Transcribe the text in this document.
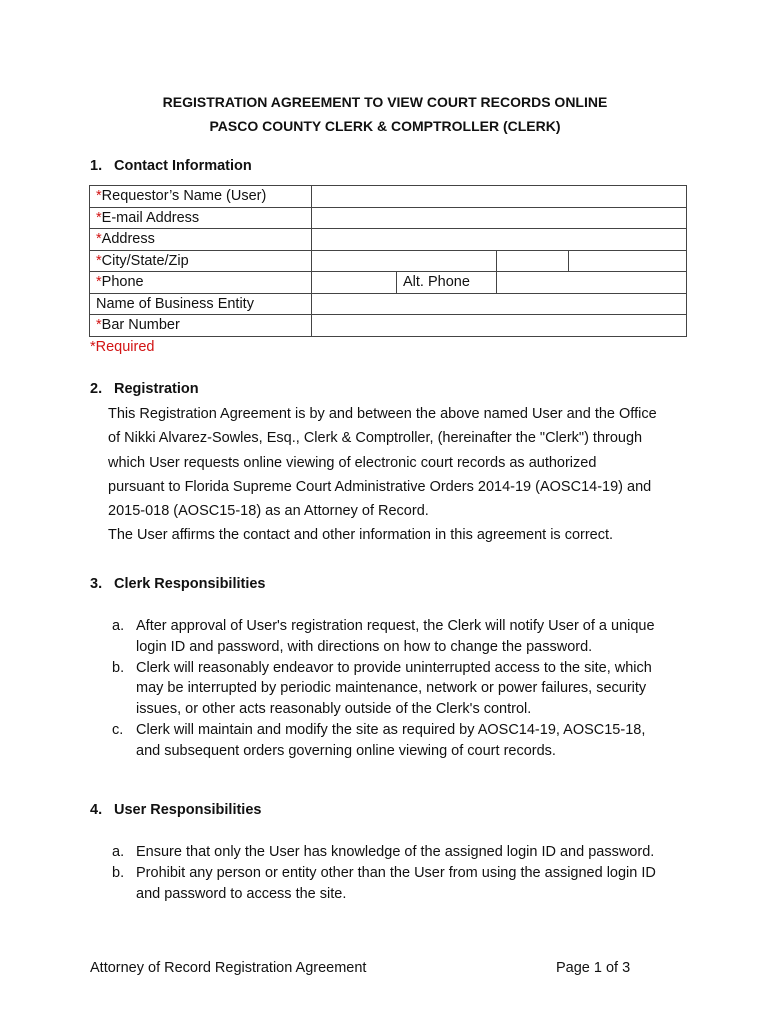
REGISTRATION AGREEMENT TO VIEW COURT RECORDS ONLINE
PASCO COUNTY CLERK & COMPTROLLER (CLERK)
1. Contact Information
*Requestor’s Name (User)				
*E-mail Address				
*Address				
*City/State/Zip				
*Phone		Alt. Phone		
Name of Business Entity				
*Bar Number				
*Required
2. Registration
This Registration Agreement is by and between the above named User and the Office
of Nikki Alvarez-Sowles, Esq., Clerk & Comptroller, (hereinafter the "Clerk") through
which User requests online viewing of electronic court records as authorized
pursuant to Florida Supreme Court Administrative Orders 2014-19 (AOSC14-19) and
2015-018 (AOSC15-18) as an Attorney of Record.
The User affirms the contact and other information in this agreement is correct.
3. Clerk Responsibilities
a. After approval of User's registration request, the Clerk will notify User of a unique
login ID and password, with directions on how to change the password.
b. Clerk will reasonably endeavor to provide uninterrupted access to the site, which
may be interrupted by periodic maintenance, network or power failures, security
issues, or other acts reasonably outside of the Clerk's control.
c. Clerk will maintain and modify the site as required by AOSC14-19, AOSC15-18,
and subsequent orders governing online viewing of court records.
4. User Responsibilities
a. Ensure that only the User has knowledge of the assigned login ID and password.
b. Prohibit any person or entity other than the User from using the assigned login ID
and password to access the site.
Attorney of Record Registration Agreement	Page 1 of 3
